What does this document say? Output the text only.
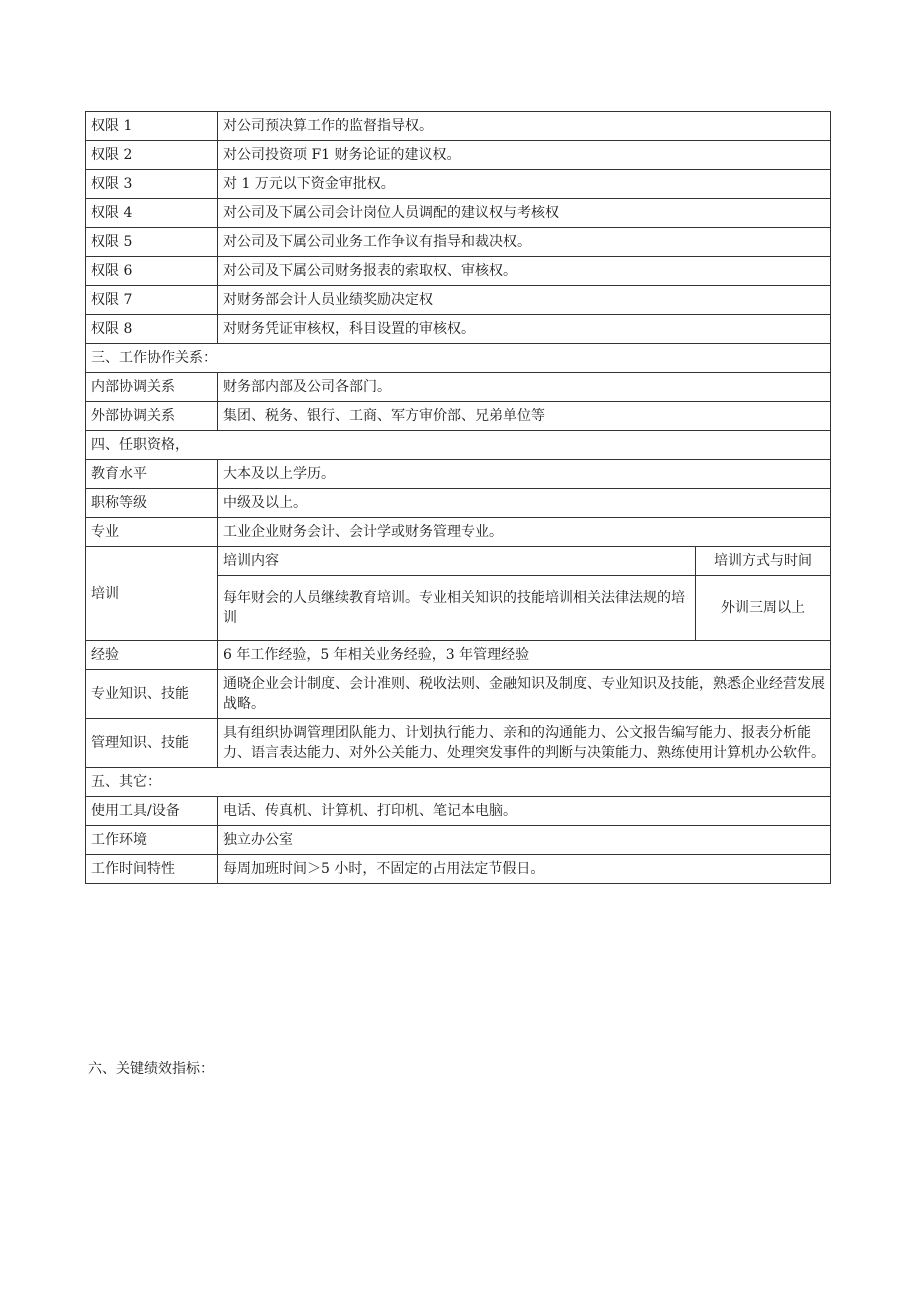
权限 1	对公司预决算工作的监督指导权。
权限 2	对公司投资项 F1 财务论证的建议权。
权限 3	对 1 万元以下资金审批权。
权限 4	对公司及下属公司会计岗位人员调配的建议权与考核权
权限 5	对公司及下属公司业务工作争议有指导和裁决权。
权限 6	对公司及下属公司财务报表的索取权、审核权。
权限 7	对财务部会计人员业绩奖励决定权
权限 8	对财务凭证审核权，科目设置的审核权。
三、工作协作关系：
内部协调关系	财务部内部及公司各部门。
外部协调关系	集团、税务、银行、工商、军方审价部、兄弟单位等
四、任职资格，
教育水平	大本及以上学历。
职称等级	中级及以上。
专业	工业企业财务会计、会计学或财务管理专业。
培训	
培训内容	培训方式与时间
每年财会的人员继续教育培训。专业相关知识的技能培训相关法律法规的培训	外训三周以上

经验	6 年工作经验，5 年相关业务经验，3 年管理经验
专业知识、技能	通晓企业会计制度、会计准则、税收法则、金融知识及制度、专业知识及技能，熟悉企业经营发展战略。
管理知识、技能	具有组织协调管理团队能力、计划执行能力、亲和的沟通能力、公文报告编写能力、报表分析能力、语言表达能力、对外公关能力、处理突发事件的判断与决策能力、熟练使用计算机办公软件。
五、其它：
使用工具/设备	电话、传真机、计算机、打印机、笔记本电脑。
工作环境	独立办公室
工作时间特性	每周加班时间＞5 小时，不固定的占用法定节假日。
六、关键绩效指标：
